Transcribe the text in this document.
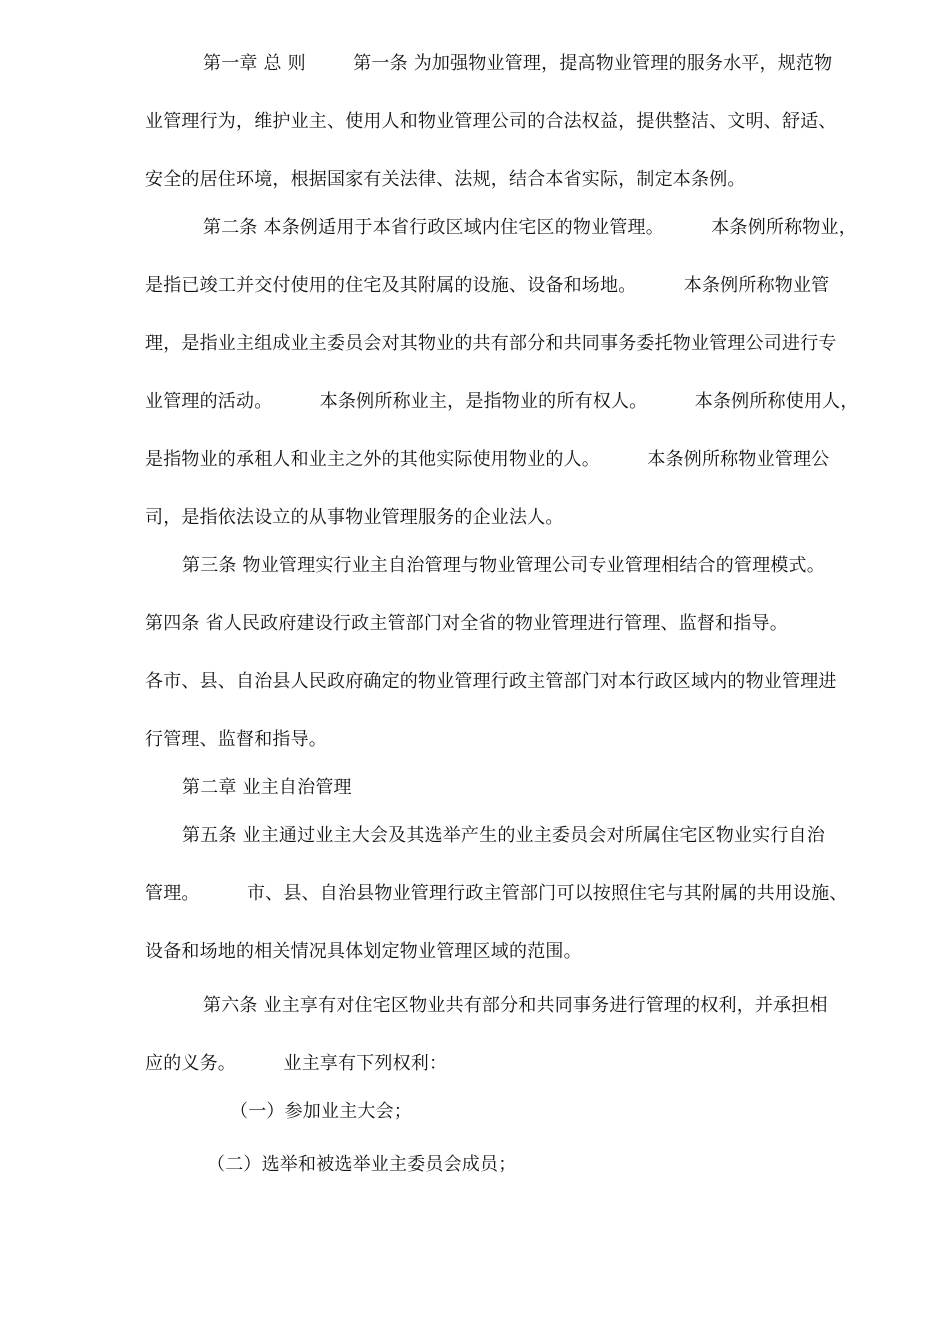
第一章 总 则        第一条 为加强物业管理，提高物业管理的服务水平，规范物
业管理行为，维护业主、使用人和物业管理公司的合法权益，提供整洁、文明、舒适、
安全的居住环境，根据国家有关法律、法规，结合本省实际，制定本条例。
第二条 本条例适用于本省行政区域内住宅区的物业管理。        本条例所称物业，
是指已竣工并交付使用的住宅及其附属的设施、设备和场地。        本条例所称物业管
理，是指业主组成业主委员会对其物业的共有部分和共同事务委托物业管理公司进行专
业管理的活动。        本条例所称业主，是指物业的所有权人。        本条例所称使用人，
是指物业的承租人和业主之外的其他实际使用物业的人。        本条例所称物业管理公
司，是指依法设立的从事物业管理服务的企业法人。
第三条 物业管理实行业主自治管理与物业管理公司专业管理相结合的管理模式。
第四条 省人民政府建设行政主管部门对全省的物业管理进行管理、监督和指导。
各市、县、自治县人民政府确定的物业管理行政主管部门对本行政区域内的物业管理进
行管理、监督和指导。
第二章 业主自治管理
第五条 业主通过业主大会及其选举产生的业主委员会对所属住宅区物业实行自治
管理。        市、县、自治县物业管理行政主管部门可以按照住宅与其附属的共用设施、
设备和场地的相关情况具体划定物业管理区域的范围。
第六条 业主享有对住宅区物业共有部分和共同事务进行管理的权利，并承担相
应的义务。        业主享有下列权利：
（一）参加业主大会；
（二）选举和被选举业主委员会成员；
